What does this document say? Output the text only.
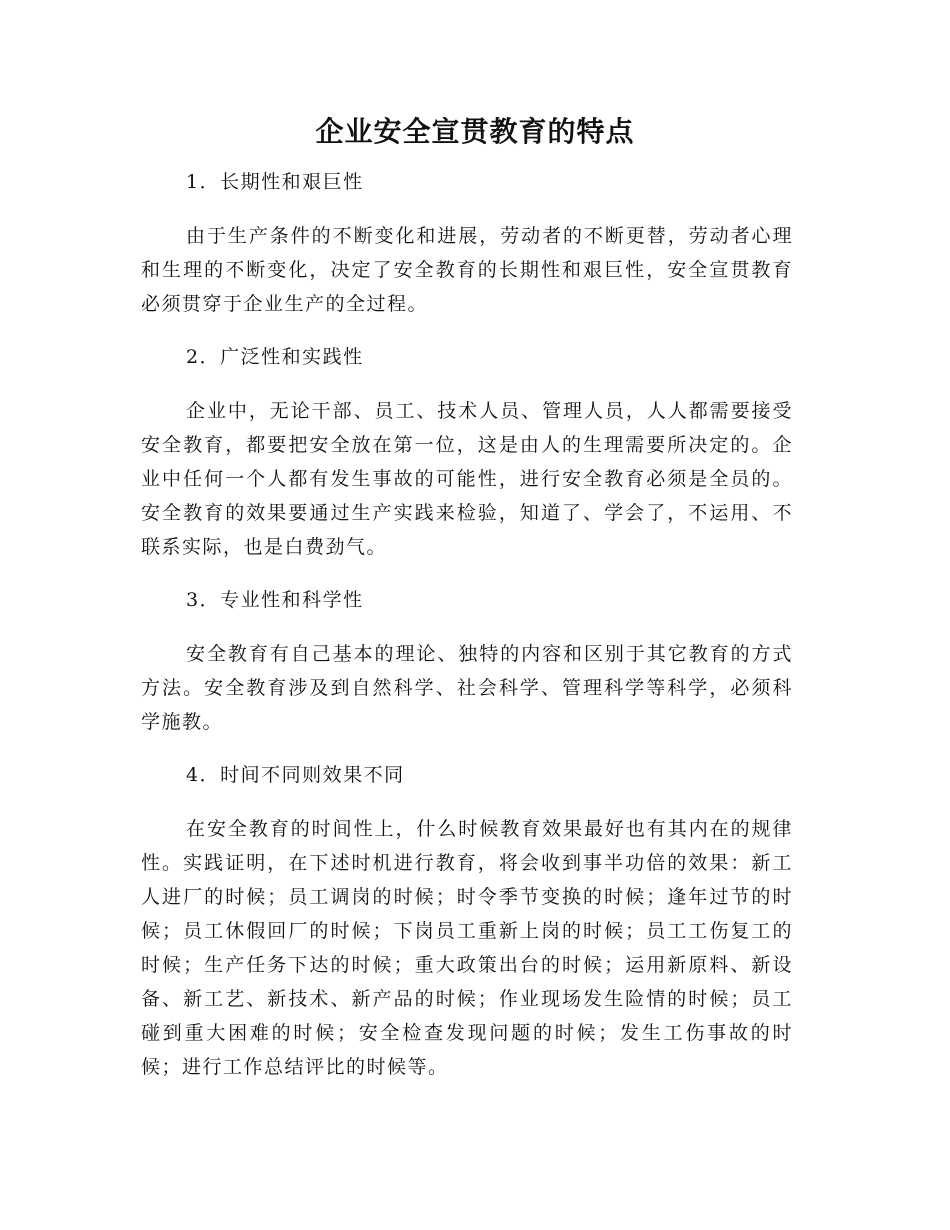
企业安全宣贯教育的特点

1．长期性和艰巨性

由于生产条件的不断变化和进展，劳动者的不断更替，劳动者心理和生理的不断变化，决定了安全教育的长期性和艰巨性，安全宣贯教育必须贯穿于企业生产的全过程。

2．广泛性和实践性

企业中，无论干部、员工、技术人员、管理人员，人人都需要接受安全教育，都要把安全放在第一位，这是由人的生理需要所决定的。企业中任何一个人都有发生事故的可能性，进行安全教育必须是全员的。安全教育的效果要通过生产实践来检验，知道了、学会了，不运用、不联系实际，也是白费劲气。

3．专业性和科学性

安全教育有自己基本的理论、独特的内容和区别于其它教育的方式方法。安全教育涉及到自然科学、社会科学、管理科学等科学，必须科学施教。

4．时间不同则效果不同

在安全教育的时间性上，什么时候教育效果最好也有其内在的规律性。实践证明，在下述时机进行教育，将会收到事半功倍的效果：新工人进厂的时候；员工调岗的时候；时令季节变换的时候；逢年过节的时候；员工休假回厂的时候；下岗员工重新上岗的时候；员工工伤复工的时候；生产任务下达的时候；重大政策出台的时候；运用新原料、新设备、新工艺、新技术、新产品的时候；作业现场发生险情的时候；员工碰到重大困难的时候；安全检查发现问题的时候；发生工伤事故的时候；进行工作总结评比的时候等。
